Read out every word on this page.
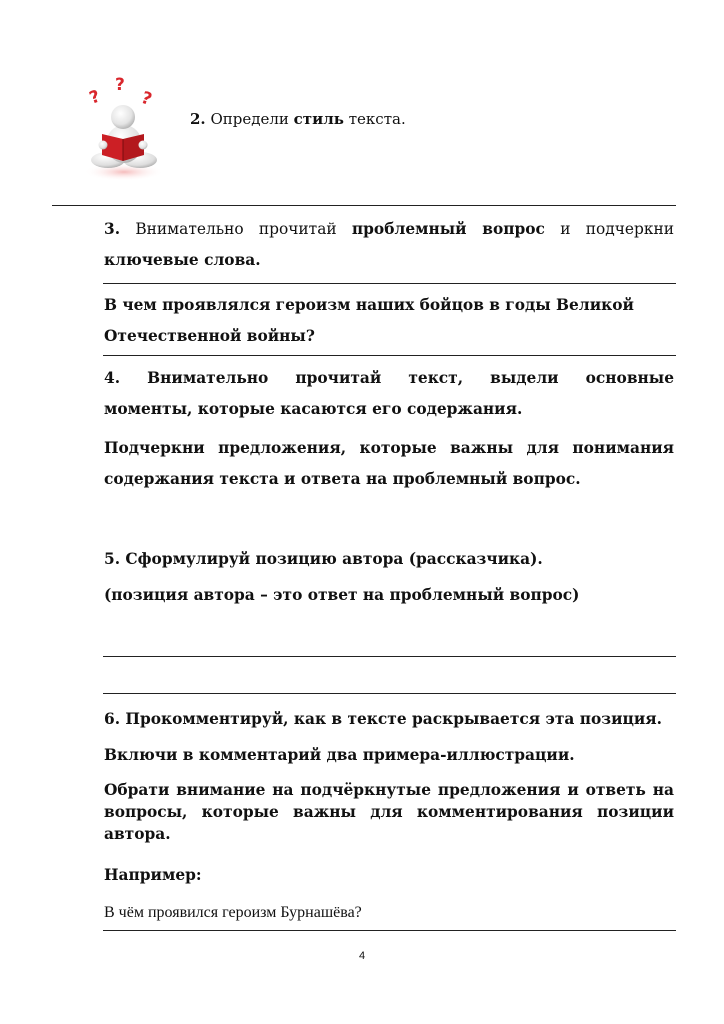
?
?
?
2. Определи стиль текста.
3. Внимательно прочитай проблемный вопрос и подчеркни ключевые слова.
В чем проявлялся героизм наших бойцов в годы Великой
Отечественной войны?
4. Внимательно прочитай текст, выдели основные
моменты, которые касаются его содержания.
Подчеркни предложения, которые важны для понимания
содержания текста и ответа на проблемный вопрос.
5. Сформулируй позицию автора (рассказчика).
(позиция автора – это ответ на проблемный вопрос)
6. Прокомментируй, как в тексте раскрывается эта позиция.
Включи в комментарий два примера-иллюстрации.
Обрати внимание на подчёркнутые предложения и ответь на вопросы, которые важны для комментирования позиции автора.
Например:
В чём проявился героизм Бурнашёва?
4
